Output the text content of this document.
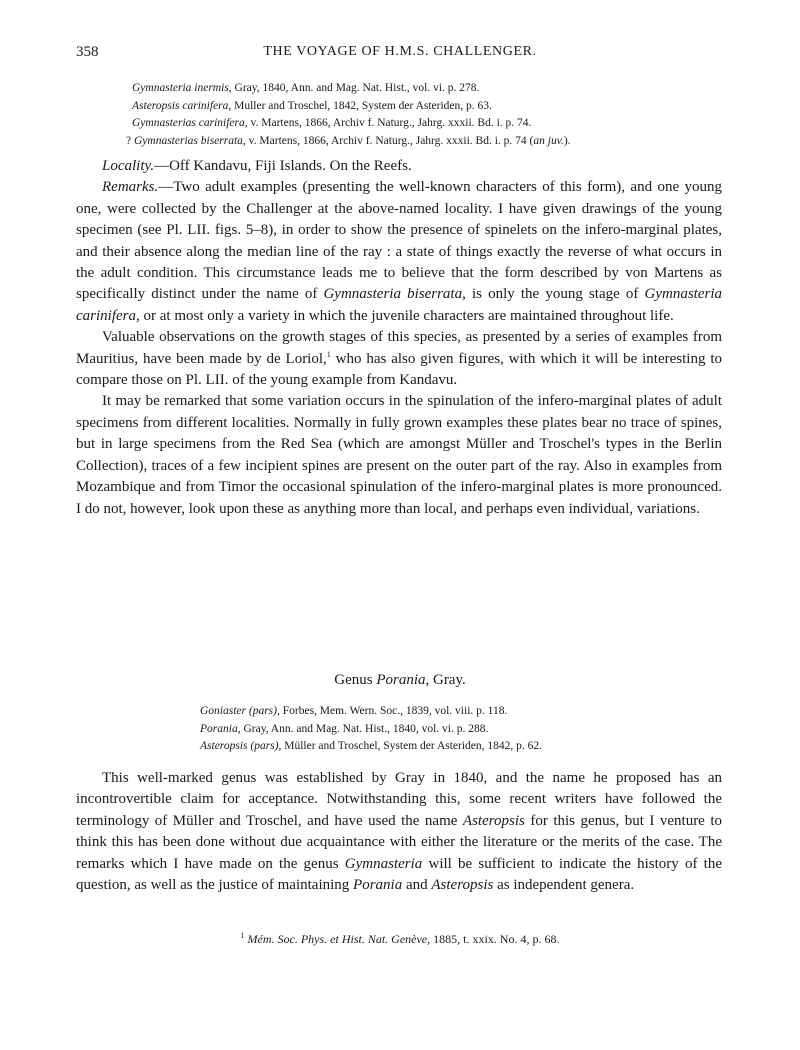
358	THE VOYAGE OF H.M.S. CHALLENGER.

Gymnasteria inermis, Gray, 1840, Ann. and Mag. Nat. Hist., vol. vi. p. 278.

Asteropsis carinifera, Muller and Troschel, 1842, System der Asteriden, p. 63.

Gymnasterias carinifera, v. Martens, 1866, Archiv f. Naturg., Jahrg. xxxii. Bd. i. p. 74.

? Gymnasterias biserrata, v. Martens, 1866, Archiv f. Naturg., Jahrg. xxxii. Bd. i. p. 74 (an juv.).

Locality.—Off Kandavu, Fiji Islands. On the Reefs.

Remarks.—Two adult examples (presenting the well-known characters of this form), and one young one, were collected by the Challenger at the above-named locality. I have given drawings of the young specimen (see Pl. LII. figs. 5–8), in order to show the presence of spinelets on the infero-marginal plates, and their absence along the median line of the ray : a state of things exactly the reverse of what occurs in the adult condition. This circumstance leads me to believe that the form described by von Martens as specifically distinct under the name of Gymnasteria biserrata, is only the young stage of Gymnasteria carinifera, or at most only a variety in which the juvenile characters are maintained throughout life.

Valuable observations on the growth stages of this species, as presented by a series of examples from Mauritius, have been made by de Loriol,$^1$ who has also given figures, with which it will be interesting to compare those on Pl. LII. of the young example from Kandavu.

It may be remarked that some variation occurs in the spinulation of the infero-marginal plates of adult specimens from different localities. Normally in fully grown examples these plates bear no trace of spines, but in large specimens from the Red Sea (which are amongst Müller and Troschel's types in the Berlin Collection), traces of a few incipient spines are present on the outer part of the ray. Also in examples from Mozambique and from Timor the occasional spinulation of the infero-marginal plates is more pronounced. I do not, however, look upon these as anything more than local, and perhaps even individual, variations.

Genus Porania, Gray.

Goniaster (pars), Forbes, Mem. Wern. Soc., 1839, vol. viii. p. 118.

Porania, Gray, Ann. and Mag. Nat. Hist., 1840, vol. vi. p. 288.

Asteropsis (pars), Müller and Troschel, System der Asteriden, 1842, p. 62.

This well-marked genus was established by Gray in 1840, and the name he proposed has an incontrovertible claim for acceptance. Notwithstanding this, some recent writers have followed the terminology of Müller and Troschel, and have used the name Asteropsis for this genus, but I venture to think this has been done without due acquaintance with either the literature or the merits of the case. The remarks which I have made on the genus Gymnasteria will be sufficient to indicate the history of the question, as well as the justice of maintaining Porania and Asteropsis as independent genera.

$^1$ Mém. Soc. Phys. et Hist. Nat. Genève, 1885, t. xxix. No. 4, p. 68.
